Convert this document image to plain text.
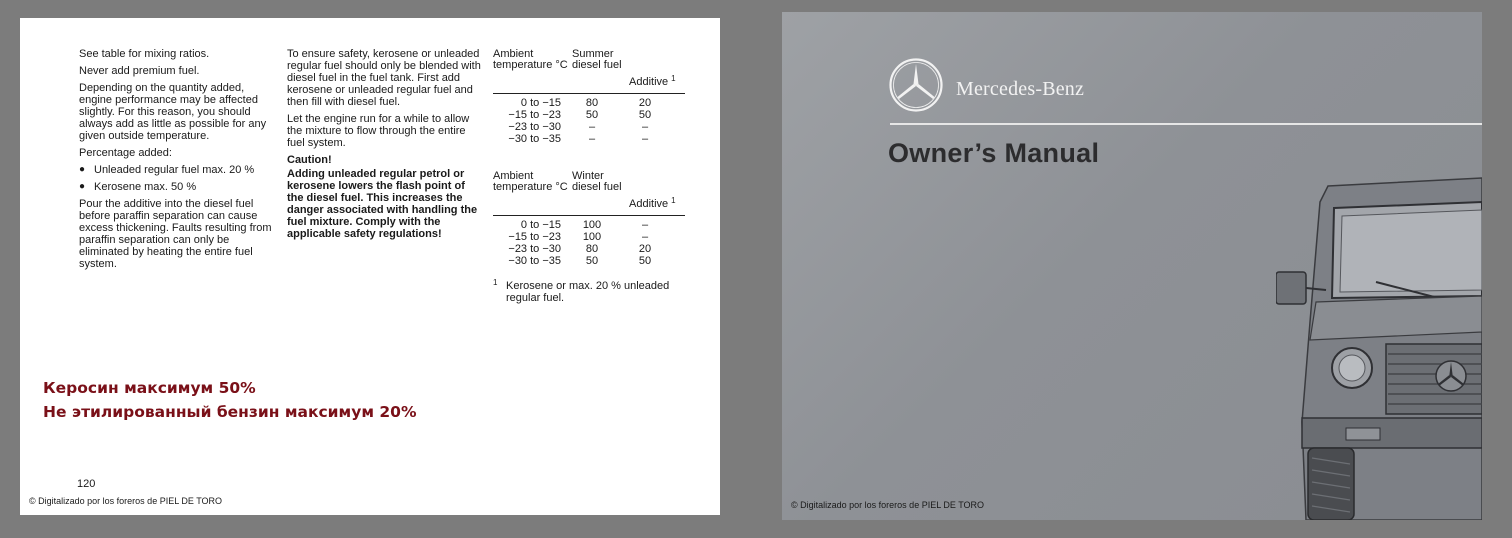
See table for mixing ratios.

Never add premium fuel.

Depending on the quantity added, engine performance may be affected slightly. For this reason, you should always add as little as possible for any given outside temperature.

Percentage added:

● Unleaded regular fuel max. 20 %
● Kerosene max. 50 %

Pour the additive into the diesel fuel before paraffin separation can cause excess thickening. Faults resulting from paraffin separation can only be eliminated by heating the entire fuel system.

To ensure safety, kerosene or unleaded regular fuel should only be blended with diesel fuel in the fuel tank. First add kerosene or unleaded regular fuel and then fill with diesel fuel.

Let the engine run for a while to allow the mixture to flow through the entire fuel system.

Caution!

Adding unleaded regular petrol or kerosene lowers the flash point of the diesel fuel. This increases the danger associated with handling the fuel mixture. Comply with the applicable safety regulations!

Ambient temperature °C
Summer diesel fuel
Additive $^1$
0 to −15	80	20
−15 to −23	50	50
−23 to −30	–	–
−30 to −35	–	–
Ambient temperature °C
Winter diesel fuel
Additive $^1$
0 to −15	100	–
−15 to −23	100	–
−23 to −30	80	20
−30 to −35	50	50
1 Kerosene or max. 20 % unleaded regular fuel.
Керосин максимум 50%
Не этилированный бензин максимум 20%
120
© Digitalizado por los foreros de PIEL DE TORO
Mercedes-Benz
Owner’s Manual
© Digitalizado por los foreros de PIEL DE TORO
